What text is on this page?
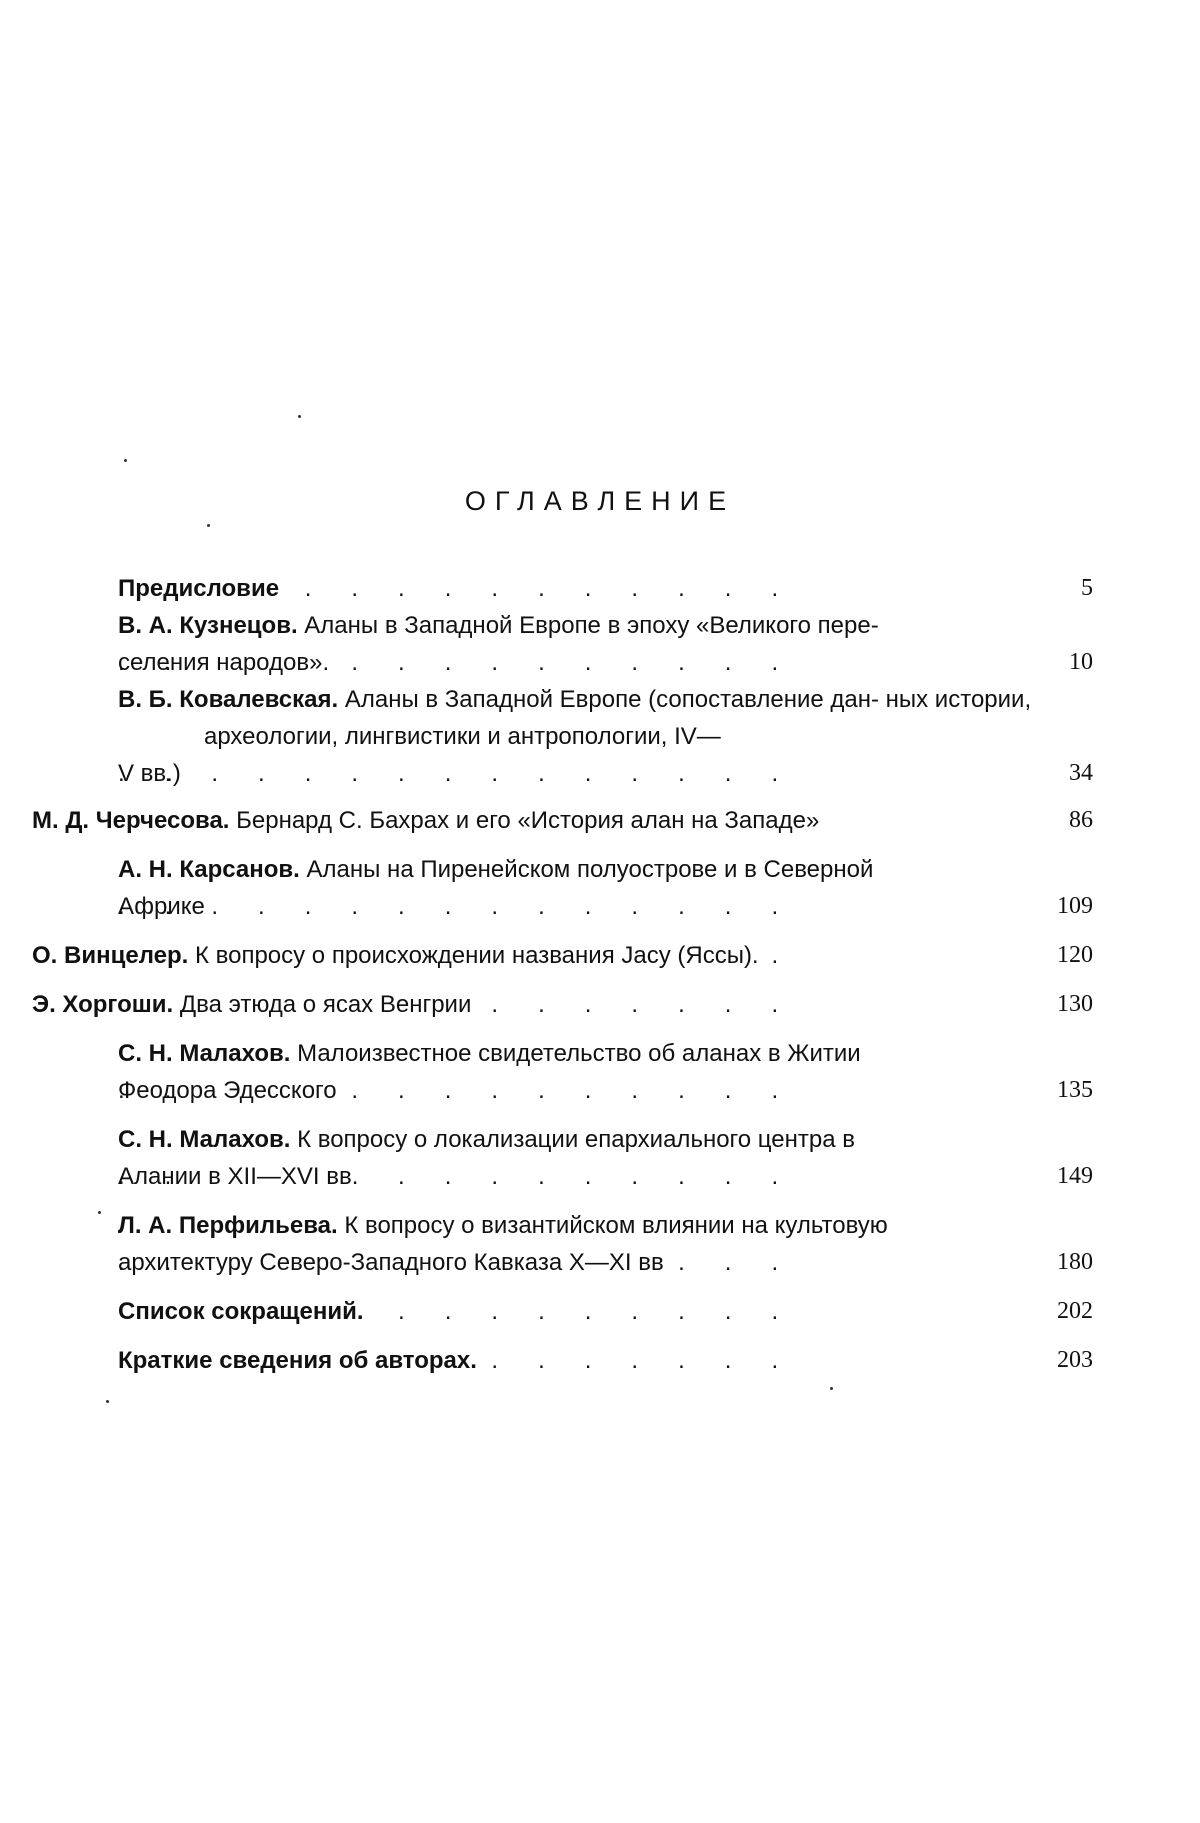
ОГЛАВЛЕНИЕ
Предисловие .	5
В. А. Кузнецов. Аланы в Западной Европе в эпоху «Великого пере-
селения народов». .	10
В. Б. Ковалевская. Аланы в Западной Европе (сопоставление дан- ных истории, археологии, лингвистики и антропологии, IV—
V вв.) .	34
М. Д. Черчесова. Бернард С. Бахрах и его «История алан на Западе»	86
А. Н. Карсанов. Аланы на Пиренейском полуострове и в Северной
Африке .	109
О. Винцелер. К вопросу о происхождении названия Jacy (Яссы). .	120
Э. Хоргоши. Два этюда о ясах Венгрии .	130
С. Н. Малахов. Малоизвестное свидетельство об аланах в Житии
Феодора Эдесского .	135
С. Н. Малахов. К вопросу о локализации епархиального центра в
Алании в XII—XVI вв. .	149
Л. А. Перфильева. К вопросу о византийском влиянии на культовую
архитектуру Северо-Западного Кавказа X—XI вв .	180
Список сокращений. .	202
Краткие сведения об авторах. .	203
